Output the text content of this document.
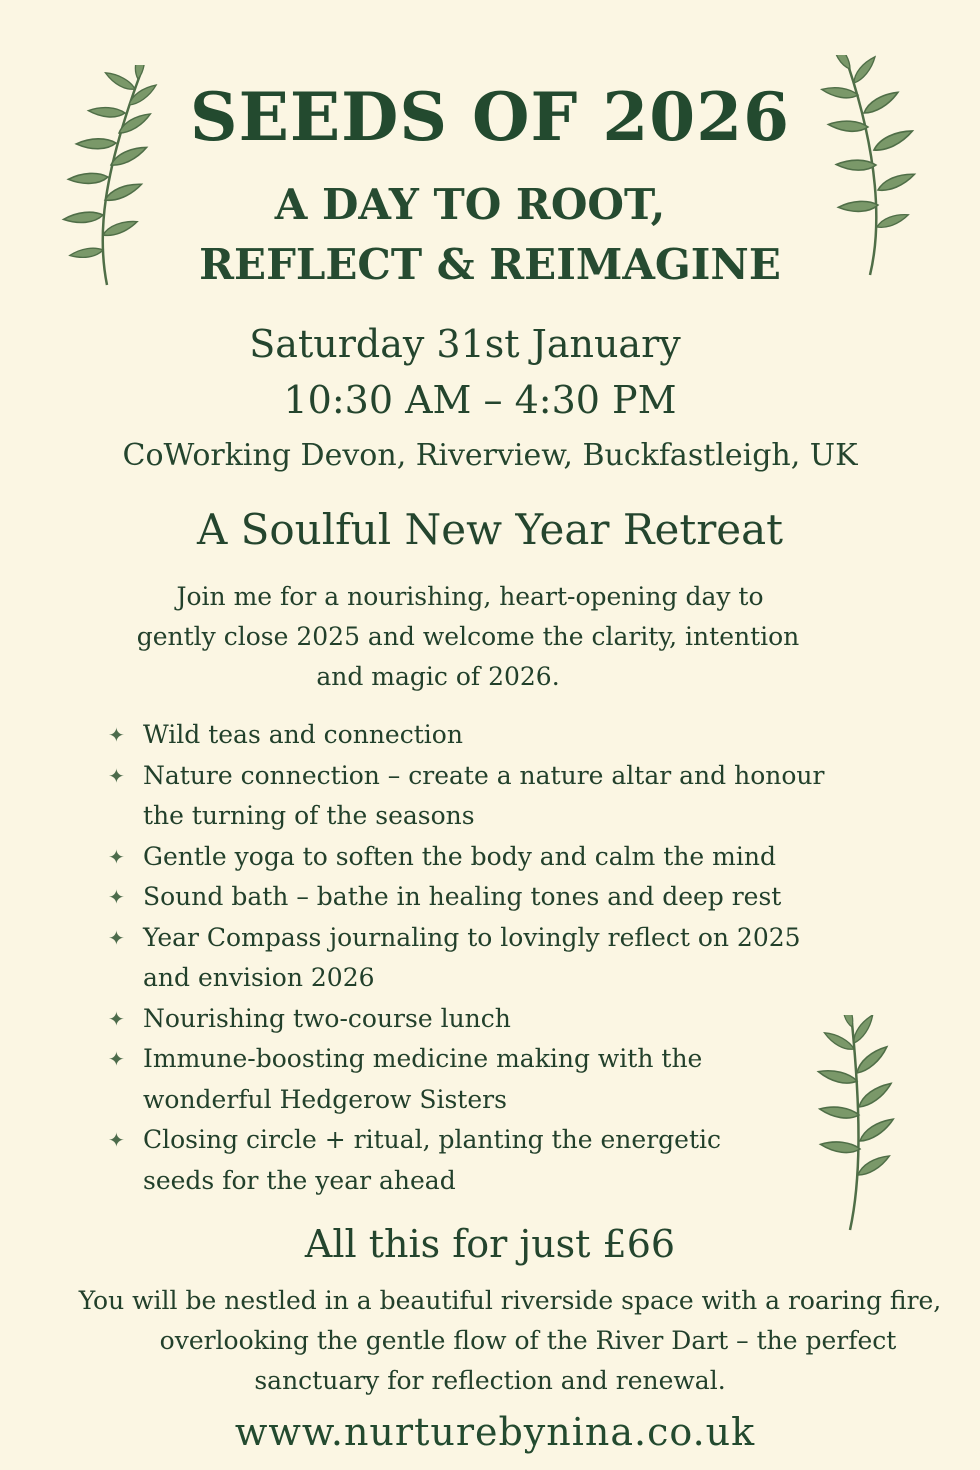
SEEDS OF 2026
A DAY TO ROOT,
REFLECT & REIMAGINE
Saturday 31st January
10:30 AM – 4:30 PM
CoWorking Devon, Riverview, Buckfastleigh, UK
A Soulful New Year Retreat
Join me for a nourishing, heart-opening day to
gently close 2025 and welcome the clarity, intention
and magic of 2026.
✦ Wild teas and connection
✦ Nature connection – create a nature altar and honour
the turning of the seasons
✦ Gentle yoga to soften the body and calm the mind
✦ Sound bath – bathe in healing tones and deep rest
✦ Year Compass journaling to lovingly reflect on 2025
and envision 2026
✦ Nourishing two-course lunch
✦ Immune-boosting medicine making with the
wonderful Hedgerow Sisters
✦ Closing circle + ritual, planting the energetic
seeds for the year ahead
All this for just £66
You will be nestled in a beautiful riverside space with a roaring fire,
overlooking the gentle flow of the River Dart – the perfect
sanctuary for reflection and renewal.
www.nurturebynina.co.uk
